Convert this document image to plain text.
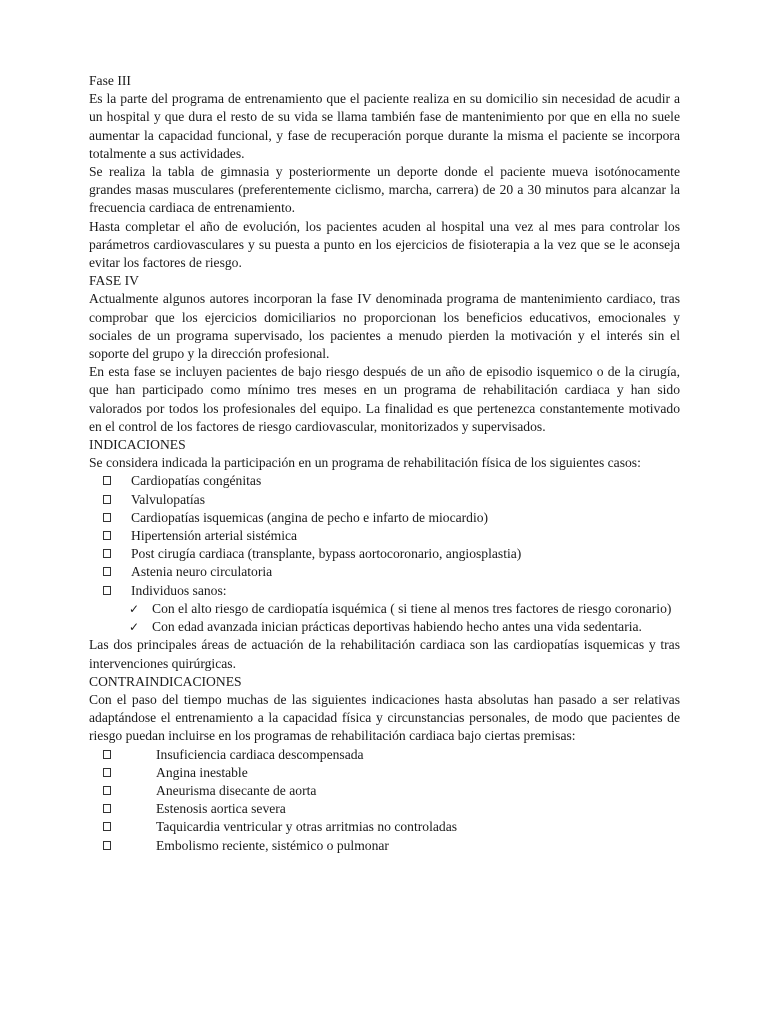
Fase III

Es la parte del programa de entrenamiento que el paciente realiza en su domicilio sin necesidad de acudir a un hospital y que dura el resto de su vida se llama también fase de mantenimiento por que en ella no suele aumentar la capacidad funcional, y fase de recuperación porque durante la misma el paciente se incorpora totalmente a sus actividades.

Se realiza la tabla de gimnasia y posteriormente un deporte donde el paciente mueva isotónocamente grandes masas musculares (preferentemente ciclismo, marcha, carrera) de 20 a 30 minutos para alcanzar la frecuencia cardiaca de entrenamiento.

Hasta completar el año de evolución, los pacientes acuden al hospital una vez al mes para controlar los parámetros cardiovasculares y su puesta a punto en los ejercicios de fisioterapia a la vez que se le aconseja evitar los factores de riesgo.

FASE IV

Actualmente algunos autores incorporan la fase IV denominada programa de mantenimiento cardiaco, tras comprobar que los ejercicios domiciliarios no proporcionan los beneficios educativos, emocionales y sociales de un programa supervisado, los pacientes a menudo pierden la motivación y el interés sin el soporte del grupo y la dirección profesional.

En esta fase se incluyen pacientes de bajo riesgo después de un año de episodio isquemico o de la cirugía, que han participado como mínimo tres meses en un programa de rehabilitación cardiaca y han sido valorados por todos los profesionales del equipo. La finalidad es que pertenezca constantemente motivado en el control de los factores de riesgo cardiovascular, monitorizados y supervisados.

INDICACIONES

Se considera indicada la participación en un programa de rehabilitación física de los siguientes casos:

Cardiopatías congénitas
Valvulopatías
Cardiopatías isquemicas (angina de pecho e infarto de miocardio)
Hipertensión arterial sistémica
Post cirugía cardiaca (transplante, bypass aortocoronario, angiosplastia)
Astenia neuro circulatoria
Individuos sanos:
✓ Con el alto riesgo de cardiopatía isquémica ( si tiene al menos tres factores de riesgo coronario)
✓ Con edad avanzada inician prácticas deportivas habiendo hecho antes una vida sedentaria.

Las dos principales áreas de actuación de la rehabilitación cardiaca son las cardiopatías isquemicas y tras intervenciones quirúrgicas.

CONTRAINDICACIONES

Con el paso del tiempo muchas de las siguientes indicaciones hasta absolutas han pasado a ser relativas adaptándose el entrenamiento a la capacidad física y circunstancias personales, de modo que pacientes de riesgo puedan incluirse en los programas de rehabilitación cardiaca bajo ciertas premisas:

Insuficiencia cardiaca descompensada
Angina inestable
Aneurisma disecante de aorta
Estenosis aortica severa
Taquicardia ventricular y otras arritmias no controladas
Embolismo reciente, sistémico o pulmonar
